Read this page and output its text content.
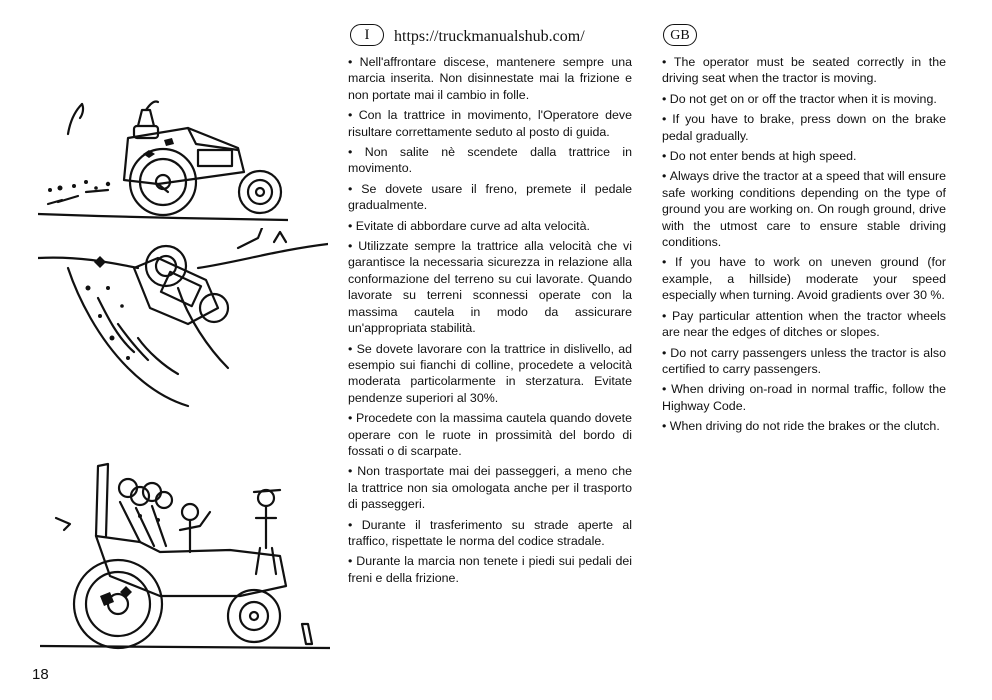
I	https://truckmanualshub.com/	GB

• Nell'affrontare discese, mantenere sempre una marcia inserita. Non disinnestate mai la frizione e non portate mai il cambio in folle.

• Con la trattrice in movimento, l'Operatore deve risultare correttamente seduto al posto di guida.

• Non salite nè scendete dalla trattrice in movimento.

• Se dovete usare il freno, premete il pedale gradualmente.

• Evitate di abbordare curve ad alta velocità.

• Utilizzate sempre la trattrice alla velocità che vi garantisce la necessaria sicurezza in relazione alla conformazione del terreno su cui lavorate. Quando lavorate su terreni sconnessi operate con la massima cautela in modo da assicurare un'appropriata stabilità.

• Se dovete lavorare con la trattrice in dislivello, ad esempio sui fianchi di colline, procedete a velocità moderata particolarmente in sterzatura. Evitate pendenze superiori al 30%.

• Procedete con la massima cautela quando dovete operare con le ruote in prossimità del bordo di fossati o di scarpate.

• Non trasportate mai dei passeggeri, a meno che la trattrice non sia omologata anche per il trasporto di passeggeri.

• Durante il trasferimento su strade aperte al traffico, rispettate le norma del codice stradale.

• Durante la marcia non tenete i piedi sui pedali dei freni e della frizione.

• The operator must be seated correctly in the driving seat when the tractor is moving.

• Do not get on or off the tractor when it is moving.

• If you have to brake, press down on the brake pedal gradually.

• Do not enter bends at high speed.

• Always drive the tractor at a speed that will ensure safe working conditions depending on the type of ground you are working on. On rough ground, drive with the utmost care to ensure stable driving conditions.

• If you have to work on uneven ground (for example, a hillside) moderate your speed especially when turning. Avoid gradients over 30 %.

• Pay particular attention when the tractor wheels are near the edges of ditches or slopes.

• Do not carry passengers unless the tractor is also certified to carry passengers.

• When driving on-road in normal traffic, follow the Highway Code.

• When driving do not ride the brakes or the clutch.

18
